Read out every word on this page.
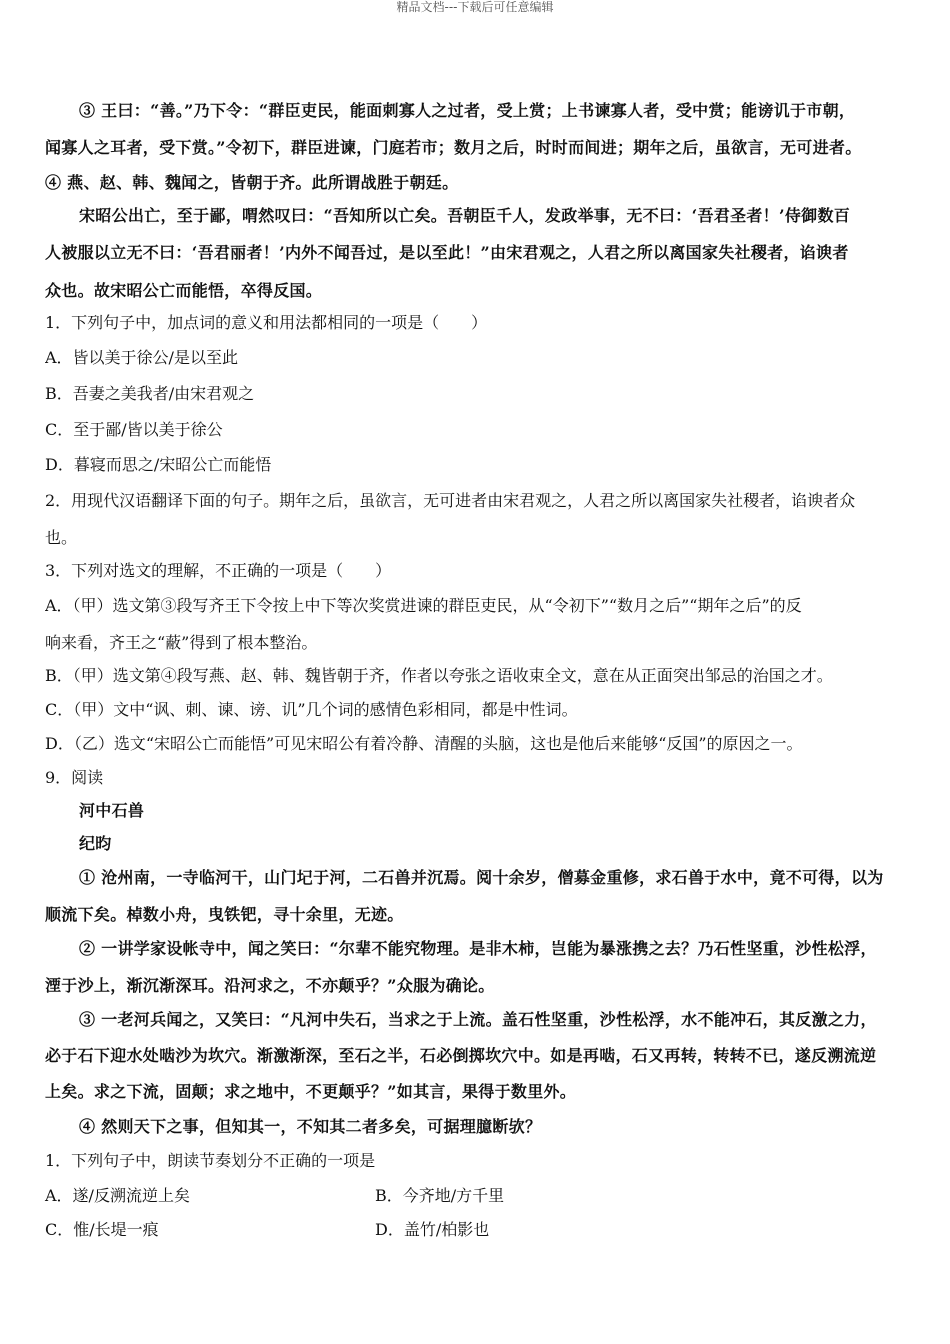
精品文档---下载后可任意编辑
③ 王曰：“善。”乃下令：“群臣吏民，能面刺寡人之过者，受上赏；上书谏寡人者，受中赏；能谤讥于市朝，
闻寡人之耳者，受下赏。”令初下，群臣进谏，门庭若市；数月之后，时时而间进；期年之后，虽欲言，无可进者。
④ 燕、赵、韩、魏闻之，皆朝于齐。此所谓战胜于朝廷。
宋昭公出亡，至于鄙，喟然叹曰：“吾知所以亡矣。吾朝臣千人，发政举事，无不曰：‘吾君圣者！’侍御数百
人被服以立无不曰：‘吾君丽者！’内外不闻吾过，是以至此！”由宋君观之，人君之所以离国家失社稷者，谄谀者
众也。故宋昭公亡而能悟，卒得反国。
1．下列句子中，加点词的意义和用法都相同的一项是（　　）
A．皆以美于徐公/是以至此
B．吾妻之美我者/由宋君观之
C．至于鄙/皆以美于徐公
D．暮寝而思之/宋昭公亡而能悟
2．用现代汉语翻译下面的句子。期年之后，虽欲言，无可进者由宋君观之，人君之所以离国家失社稷者，谄谀者众
也。
3．下列对选文的理解，不正确的一项是（　　）
A．（甲）选文第③段写齐王下令按上中下等次奖赏进谏的群臣吏民，从“令初下”“数月之后”“期年之后”的反
响来看，齐王之“蔽”得到了根本整治。
B．（甲）选文第④段写燕、赵、韩、魏皆朝于齐，作者以夸张之语收束全文，意在从正面突出邹忌的治国之才。
C．（甲）文中“讽、刺、谏、谤、讥”几个词的感情色彩相同，都是中性词。
D．（乙）选文“宋昭公亡而能悟”可见宋昭公有着冷静、清醒的头脑，这也是他后来能够“反国”的原因之一。
9．阅读
河中石兽
纪昀
① 沧州南，一寺临河干，山门圮于河，二石兽并沉焉。阅十余岁，僧募金重修，求石兽于水中，竟不可得，以为
顺流下矣。棹数小舟，曳铁钯，寻十余里，无迹。
② 一讲学家设帐寺中，闻之笑曰：“尔辈不能究物理。是非木柿，岂能为暴涨携之去？乃石性坚重，沙性松浮，
湮于沙上，渐沉渐深耳。沿河求之，不亦颠乎？”众服为确论。
③ 一老河兵闻之，又笑曰：“凡河中失石，当求之于上流。盖石性坚重，沙性松浮，水不能冲石，其反激之力，
必于石下迎水处啮沙为坎穴。渐激渐深，至石之半，石必倒掷坎穴中。如是再啮，石又再转，转转不已，遂反溯流逆
上矣。求之下流，固颠；求之地中，不更颠乎？”如其言，果得于数里外。
④ 然则天下之事，但知其一，不知其二者多矣，可据理臆断欤？
1．下列句子中，朗读节奏划分不正确的一项是
A．遂/反溯流逆上矣	B．今齐地/方千里
C．惟/长堤一痕	D．盖竹/柏影也
